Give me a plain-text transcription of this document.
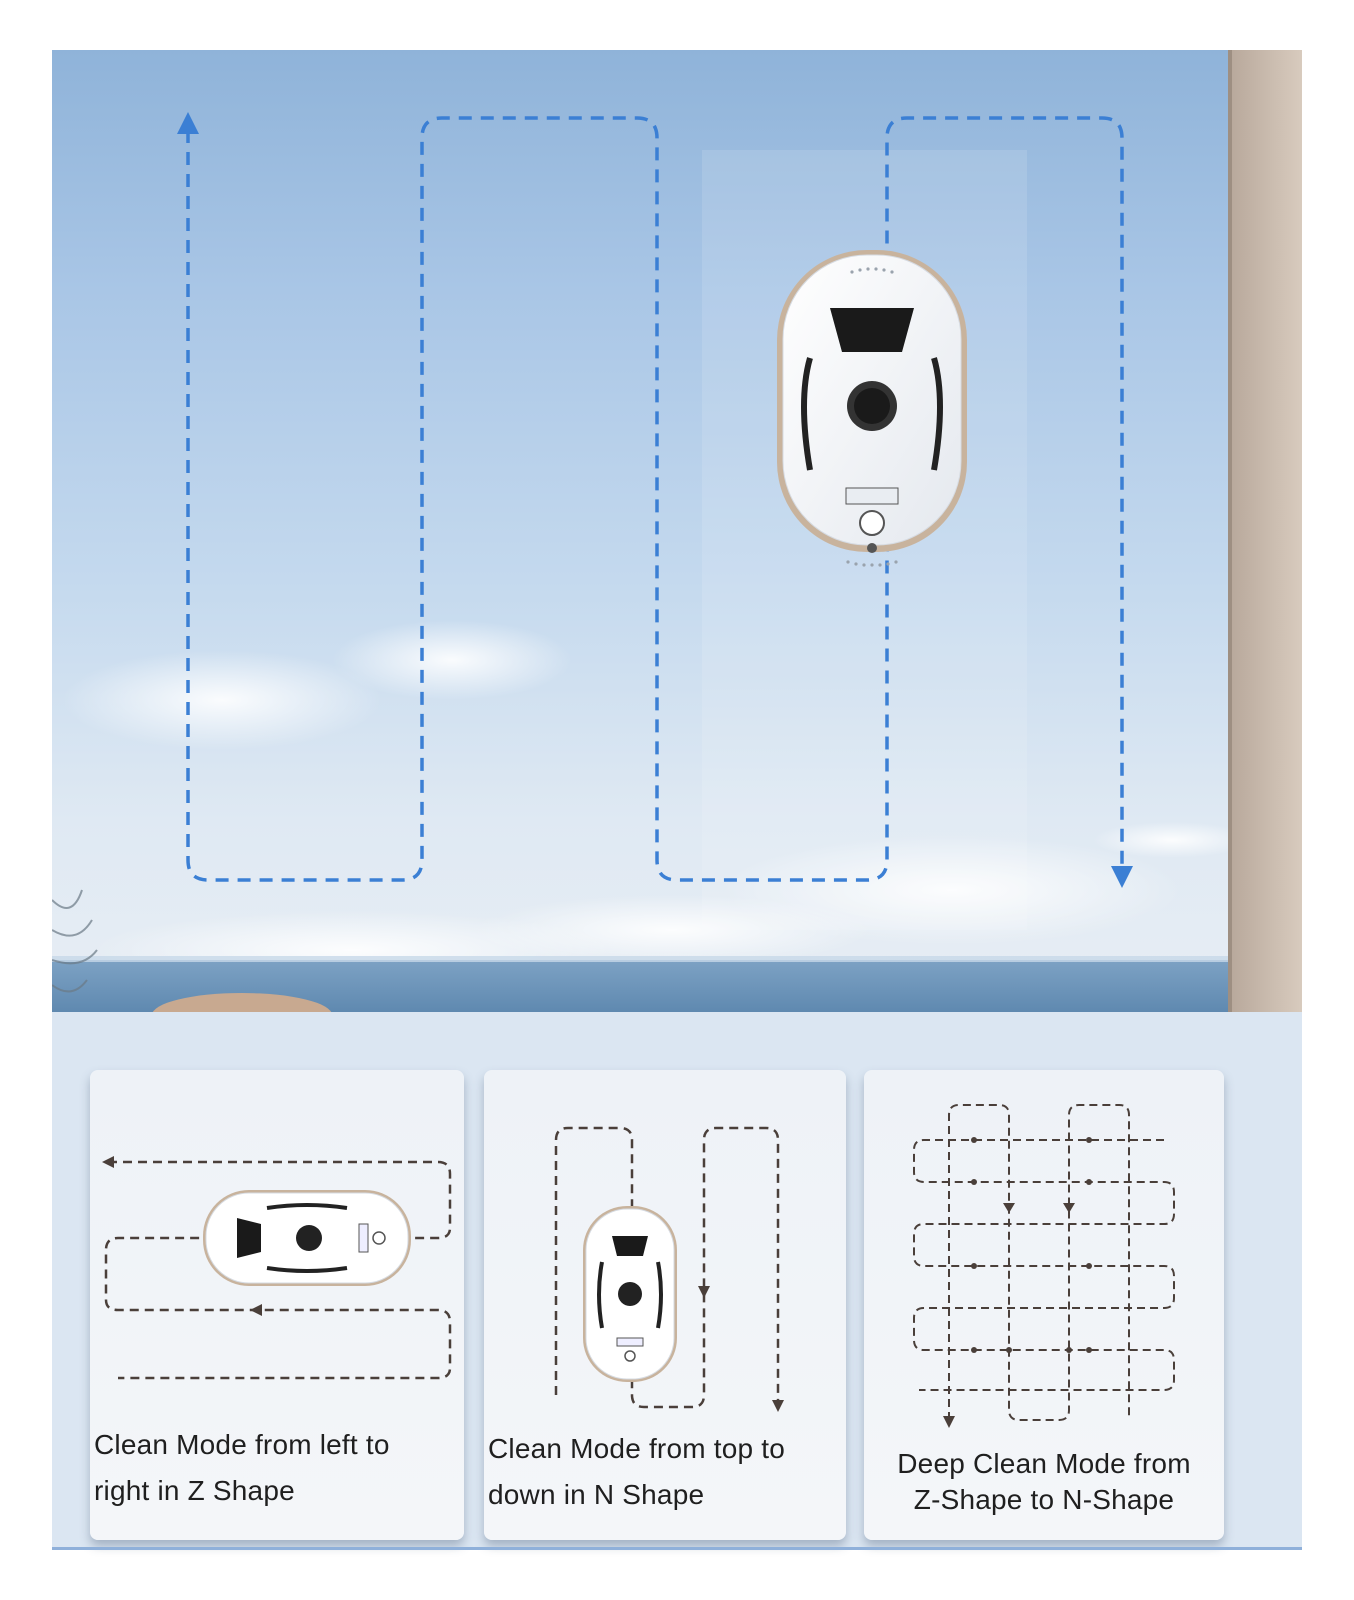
Clean Mode from left to
right in Z Shape
Clean Mode from top to
down in N Shape
Deep Clean Mode from
Z-Shape to N-Shape
